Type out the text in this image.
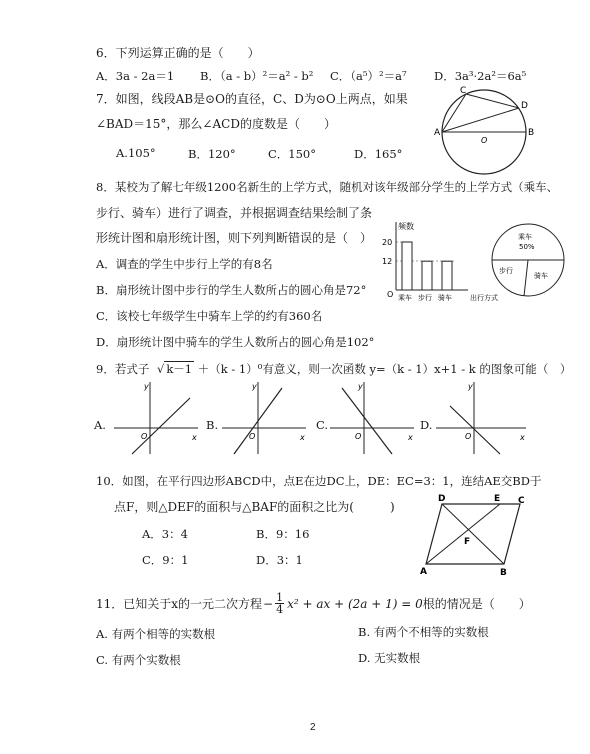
6．下列运算正确的是（　　）
A．3a - 2a＝1 B．（a - b）²＝a² - b² C．（a⁵）²＝a⁷ D．3a³·2a²＝6a⁵
7．如图，线段AB是⊙O的直径，C、D为⊙O上两点，如果
∠BAD＝15°，那么∠ACD的度数是（　　）
A.105°	B．120°	C．150°	D．165°
A	B
C
D
O
8．某校为了解七年级1200名新生的上学方式，随机对该年级部分学生的上学方式（乘车、
步行、骑车）进行了调查，并根据调查结果绘制了条
形统计图和扇形统计图，则下列判断错误的是（　）
A．调查的学生中步行上学的有8名
B．扇形统计图中步行的学生人数所占的圆心角是72°
C．该校七年级学生中骑车上学的约有360名
D．扇形统计图中骑车的学生人数所占的圆心角是102°
频数
20
12
O 乘车 步行 骑车	出行方式
乘车
50%
步行
骑车
9．若式子 √ k－1 ＋（k - 1）⁰有意义，则一次函数 y=（k - 1）x+1 - k 的图象可能（　）
A.	B.	C.	D.
x
y
O	x
y
O	x
y
O	x
y
O
10．如图，在平行四边形ABCD中，点E在边DC上，DE：EC=3：1，连结AE交BD于
点F，则△DEF的面积与△BAF的面积之比为(　　　)
A．3：4	B．9：16
C．9：1	D．3：1
D	E C
A	B
F
11．已知关于x的一元二次方程 − $\frac{1}{4} x^2$ + ax + (2a + 1) = 0 根的情况是（　　）
A. 有两个相等的实数根	B. 有两个不相等的实数根
C. 有两个实数根	D. 无实数根
2
